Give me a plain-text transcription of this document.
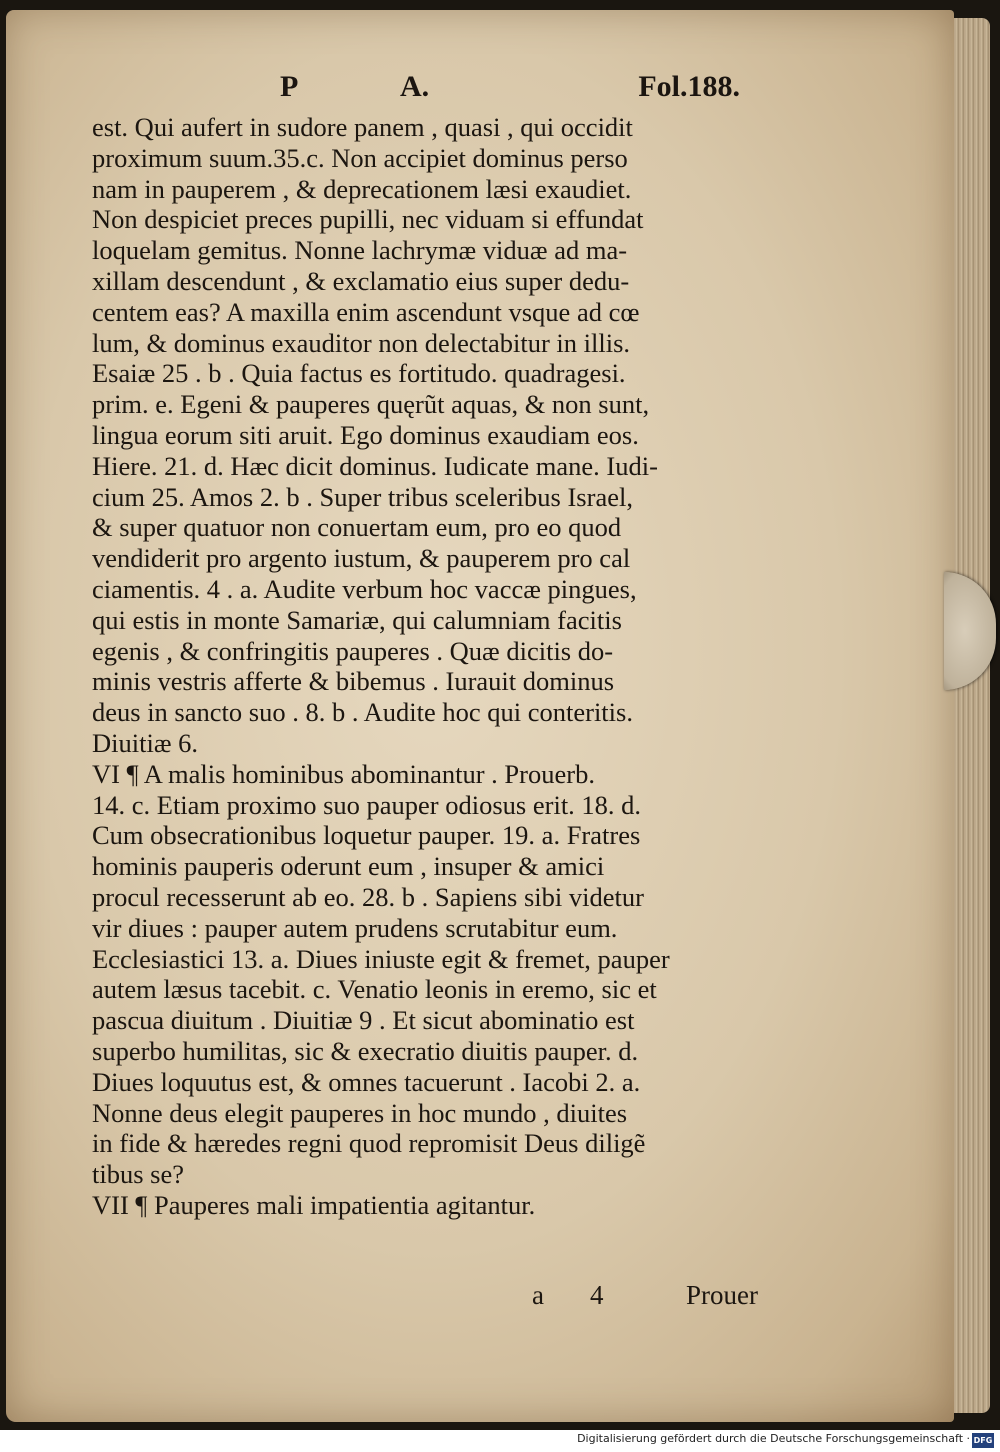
P	A.	Fol.188.
est. Qui aufert in sudore panem , quasi , qui occidit
proximum suum.35.c. Non accipiet dominus perso
nam in pauperem , & deprecationem læsi exaudiet.
Non despiciet preces pupilli, nec viduam si effundat
loquelam gemitus. Nonne lachrymæ viduæ ad ma-
xillam descendunt , & exclamatio eius super dedu-
centem eas? A maxilla enim ascendunt vsque ad cœ
lum, & dominus exauditor non delectabitur in illis.
Esaiæ 25 . b . Quia factus es fortitudo. quadragesi.
prim. e. Egeni & pauperes quęrũt aquas, & non sunt,
lingua eorum siti aruit. Ego dominus exaudiam eos.
Hiere. 21. d. Hæc dicit dominus. Iudicate mane. Iudi-
cium 25. Amos 2. b . Super tribus sceleribus Israel,
& super quatuor non conuertam eum, pro eo quod
vendiderit pro argento iustum, & pauperem pro cal
ciamentis. 4 . a. Audite verbum hoc vaccæ pingues,
qui estis in monte Samariæ, qui calumniam facitis
egenis , & confringitis pauperes . Quæ dicitis do-
minis vestris afferte & bibemus . Iurauit dominus
deus in sancto suo . 8. b . Audite hoc qui conteritis.
Diuitiæ 6.
VI ¶ A malis hominibus abominantur . Prouerb.
14. c. Etiam proximo suo pauper odiosus erit. 18. d.
Cum obsecrationibus loquetur pauper. 19. a. Fratres
hominis pauperis oderunt eum , insuper & amici
procul recesserunt ab eo. 28. b . Sapiens sibi videtur
vir diues : pauper autem prudens scrutabitur eum.
Ecclesiastici 13. a. Diues iniuste egit & fremet, pauper
autem læsus tacebit. c. Venatio leonis in eremo, sic et
pascua diuitum . Diuitiæ 9 . Et sicut abominatio est
superbo humilitas, sic & execratio diuitis pauper. d.
Diues loquutus est, & omnes tacuerunt . Iacobi 2. a.
Nonne deus elegit pauperes in hoc mundo , diuites
in fide & hæredes regni quod repromisit Deus diligẽ
tibus se?
VII ¶ Pauperes mali impatientia agitantur.
a 4	Prouer
Digitalisierung gefördert durch die Deutsche Forschungsgemeinschaft · DFG
